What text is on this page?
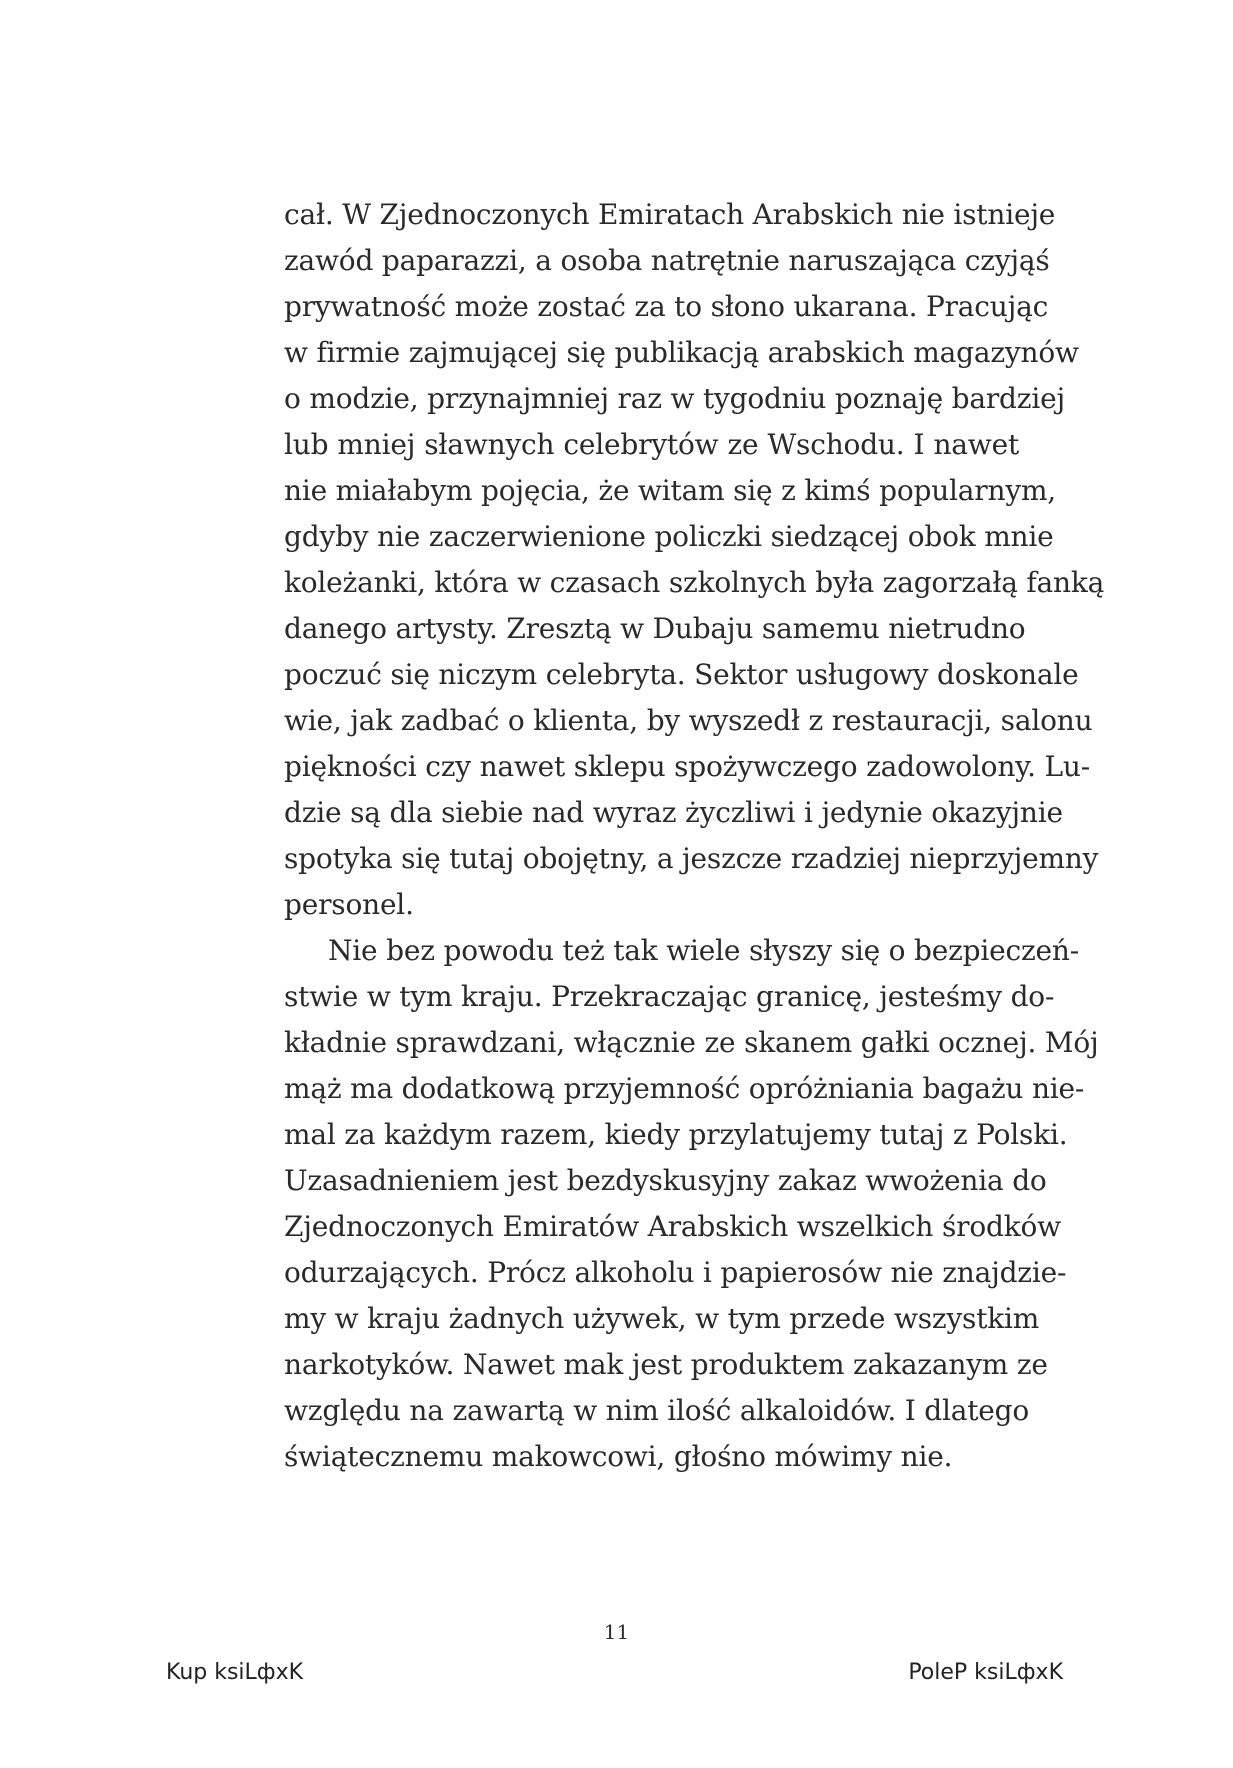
cał. W Zjednoczonych Emiratach Arabskich nie istnieje
zawód paparazzi, a osoba natrętnie naruszająca czyjąś
prywatność może zostać za to słono ukarana. Pracując
w firmie zajmującej się publikacją arabskich magazynów
o modzie, przynajmniej raz w tygodniu poznaję bardziej
lub mniej sławnych celebrytów ze Wschodu. I nawet
nie miałabym pojęcia, że witam się z kimś popularnym,
gdyby nie zaczerwienione policzki siedzącej obok mnie
koleżanki, która w czasach szkolnych była zagorzałą fanką
danego artysty. Zresztą w Dubaju samemu nietrudno
poczuć się niczym celebryta. Sektor usługowy doskonale
wie, jak zadbać o klienta, by wyszedł z restauracji, salonu
piękności czy nawet sklepu spożywczego zadowolony. Lu-
dzie są dla siebie nad wyraz życzliwi i jedynie okazyjnie
spotyka się tutaj obojętny, a jeszcze rzadziej nieprzyjemny
personel.
Nie bez powodu też tak wiele słyszy się o bezpieczeń-
stwie w tym kraju. Przekraczając granicę, jesteśmy do-
kładnie sprawdzani, włącznie ze skanem gałki ocznej. Mój
mąż ma dodatkową przyjemność opróżniania bagażu nie-
mal za każdym razem, kiedy przylatujemy tutaj z Polski.
Uzasadnieniem jest bezdyskusyjny zakaz wwożenia do
Zjednoczonych Emiratów Arabskich wszelkich środków
odurzających. Prócz alkoholu i papierosów nie znajdzie-
my w kraju żadnych używek, w tym przede wszystkim
narkotyków. Nawet mak jest produktem zakazanym ze
względu na zawartą w nim ilość alkaloidów. I dlatego
świątecznemu makowcowi, głośno mówimy nie.
11
Kup ksiLфxK	PoleP ksiLфxK
